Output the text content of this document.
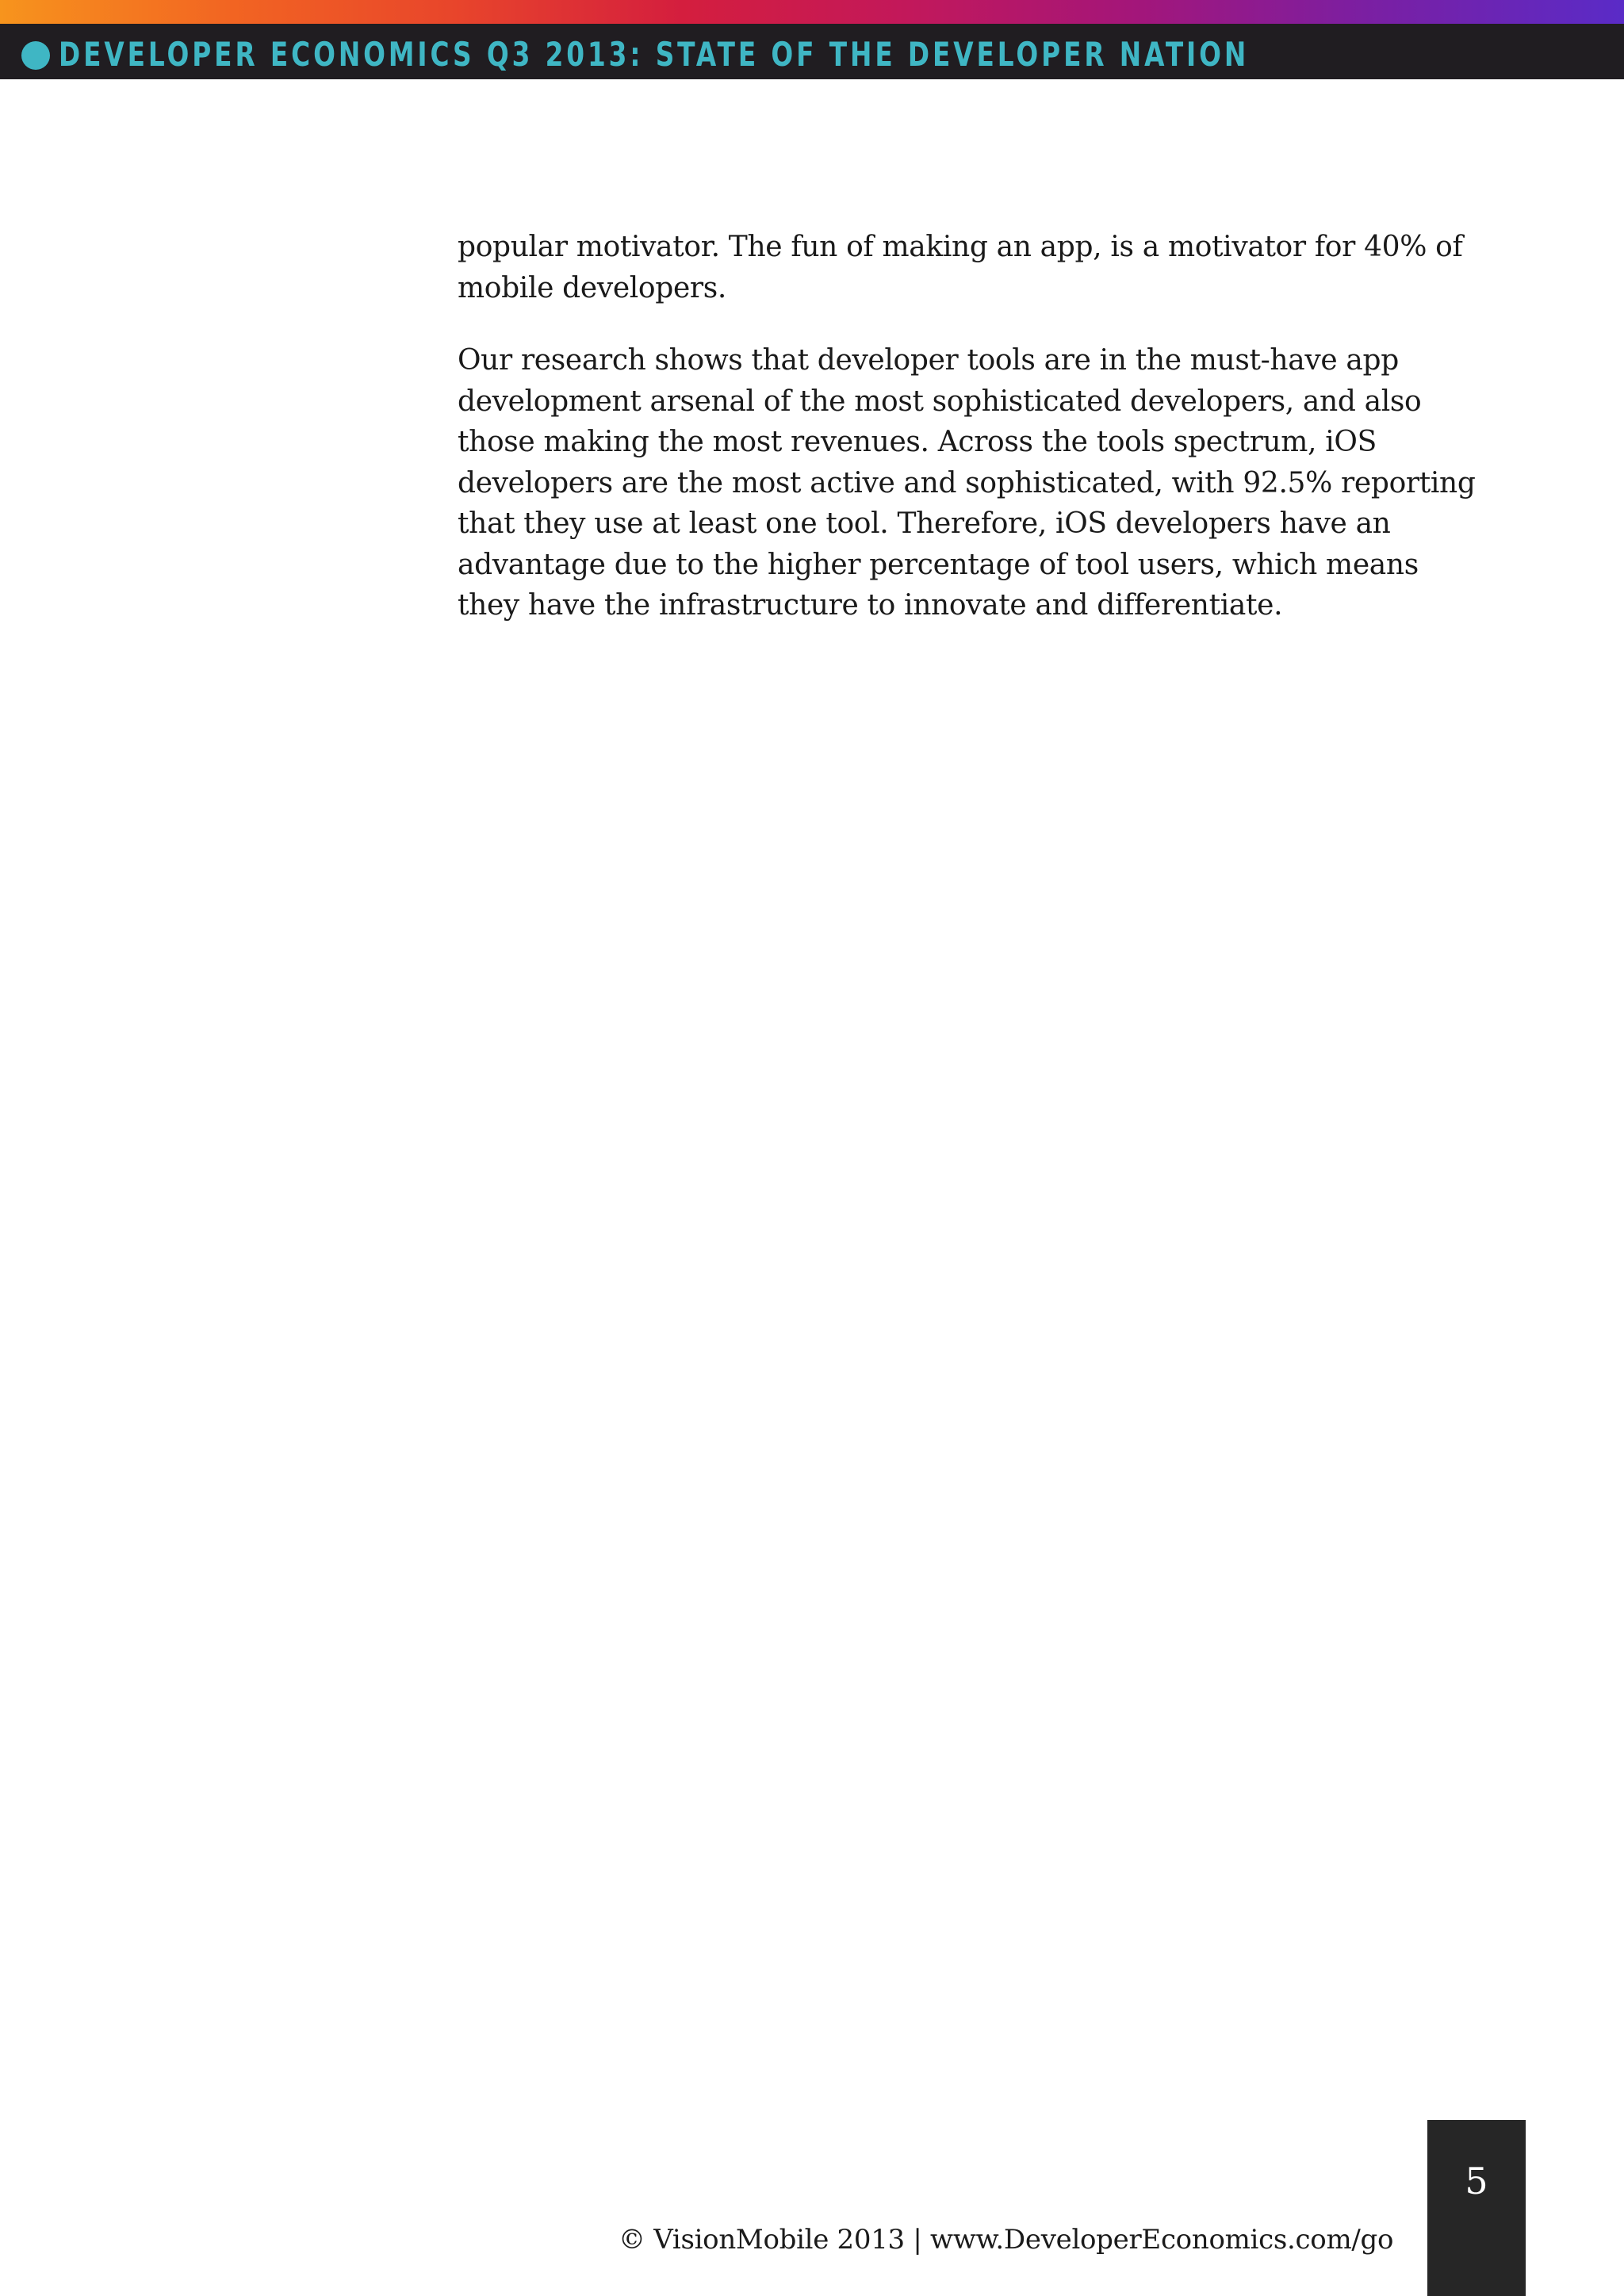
DEVELOPER ECONOMICS Q3 2013: STATE OF THE DEVELOPER NATION

popular motivator. The fun of making an app, is a motivator for 40% of mobile developers.

Our research shows that developer tools are in the must-have app development arsenal of the most sophisticated developers, and also those making the most revenues. Across the tools spectrum, iOS developers are the most active and sophisticated, with 92.5% reporting that they use at least one tool. Therefore, iOS developers have an advantage due to the higher percentage of tool users, which means they have the infrastructure to innovate and differentiate.

© VisionMobile 2013 | www.DeveloperEconomics.com/go
5
